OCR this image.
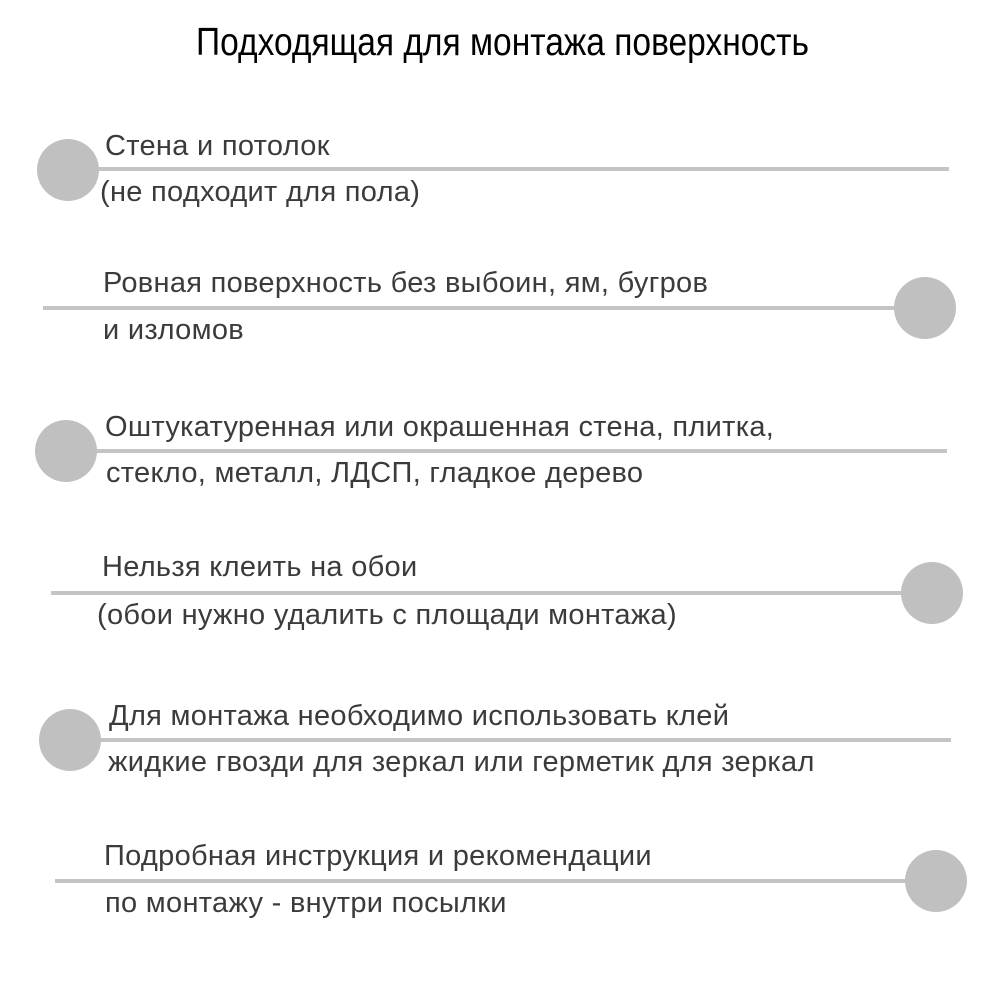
Подходящая для монтажа поверхность
Стена и потолок
(не подходит для пола)
Ровная поверхность без выбоин, ям, бугров
и изломов
Оштукатуренная или окрашенная стена, плитка,
стекло, металл, ЛДСП, гладкое дерево
Нельзя клеить на обои
(обои нужно удалить с площади монтажа)
Для монтажа необходимо использовать клей
жидкие гвозди для зеркал или герметик для зеркал
Подробная инструкция и рекомендации
по монтажу - внутри посылки
